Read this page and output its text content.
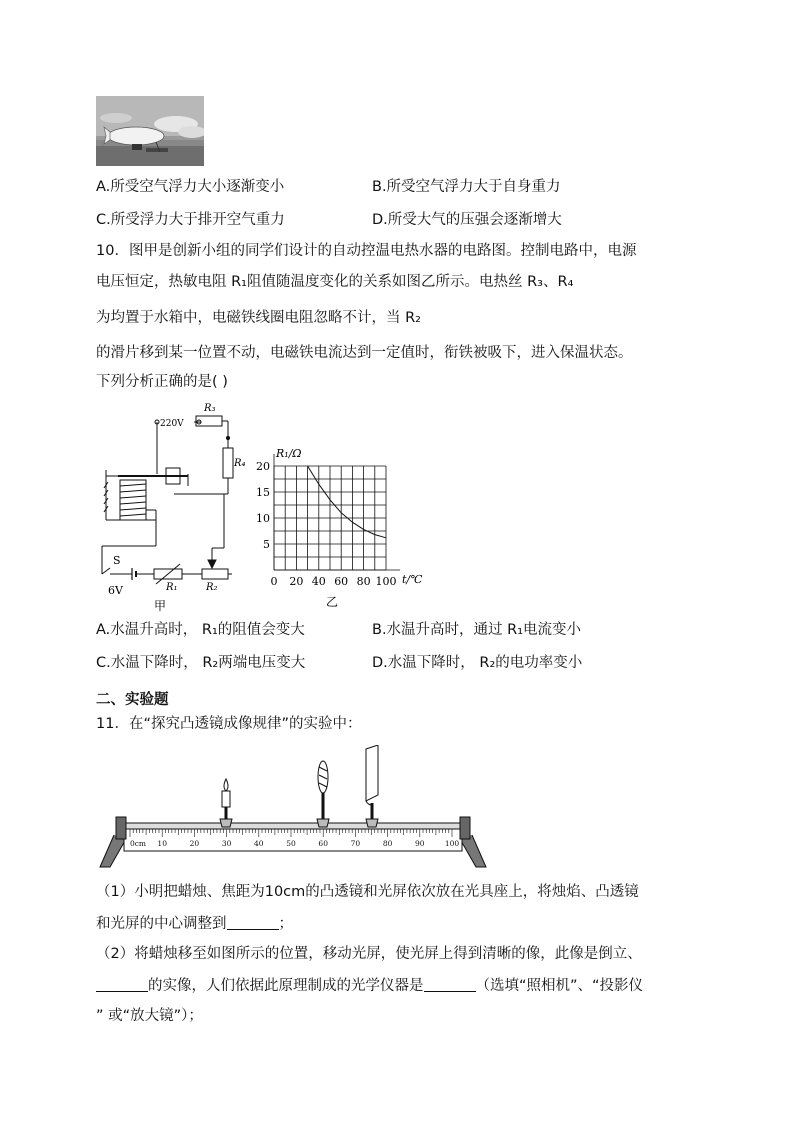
A.所受空气浮力大小逐渐变小	B.所受空气浮力大于自身重力
C.所受浮力大于排开空气重力	D.所受大气的压强会逐渐增大
10．图甲是创新小组的同学们设计的自动控温电热水器的电路图。控制电路中，电源
电压恒定，热敏电阻 R₁阻值随温度变化的关系如图乙所示。电热丝 R₃、R₄
为均置于水箱中，电磁铁线圈电阻忽略不计，当 R₂
的滑片移到某一位置不动，电磁铁电流达到一定值时，衔铁被吸下，进入保温状态。
下列分析正确的是( )
220V
R₃
R₄
S
6V	R₁	R₂
甲
20
15
10
5
0 20 40 60 80 100
R₁/Ω
t/℃
乙
A.水温升高时， R₁的阻值会变大	B.水温升高时，通过 R₁电流变小
C.水温下降时， R₂两端电压变大	D.水温下降时， R₂的电功率变小
二、实验题
11．在“探究凸透镜成像规律”的实验中：
0cm 10	20	30	40	50	60	70	80	90	100
（1）小明把蜡烛、焦距为10cm的凸透镜和光屏依次放在光具座上，将烛焰、凸透镜
和光屏的中心调整到	；
（2）将蜡烛移至如图所示的位置，移动光屏，使光屏上得到清晰的像，此像是倒立、
的实像，人们依据此原理制成的光学仪器是	（选填“照相机”、“投影仪
” 或“放大镜”）；
